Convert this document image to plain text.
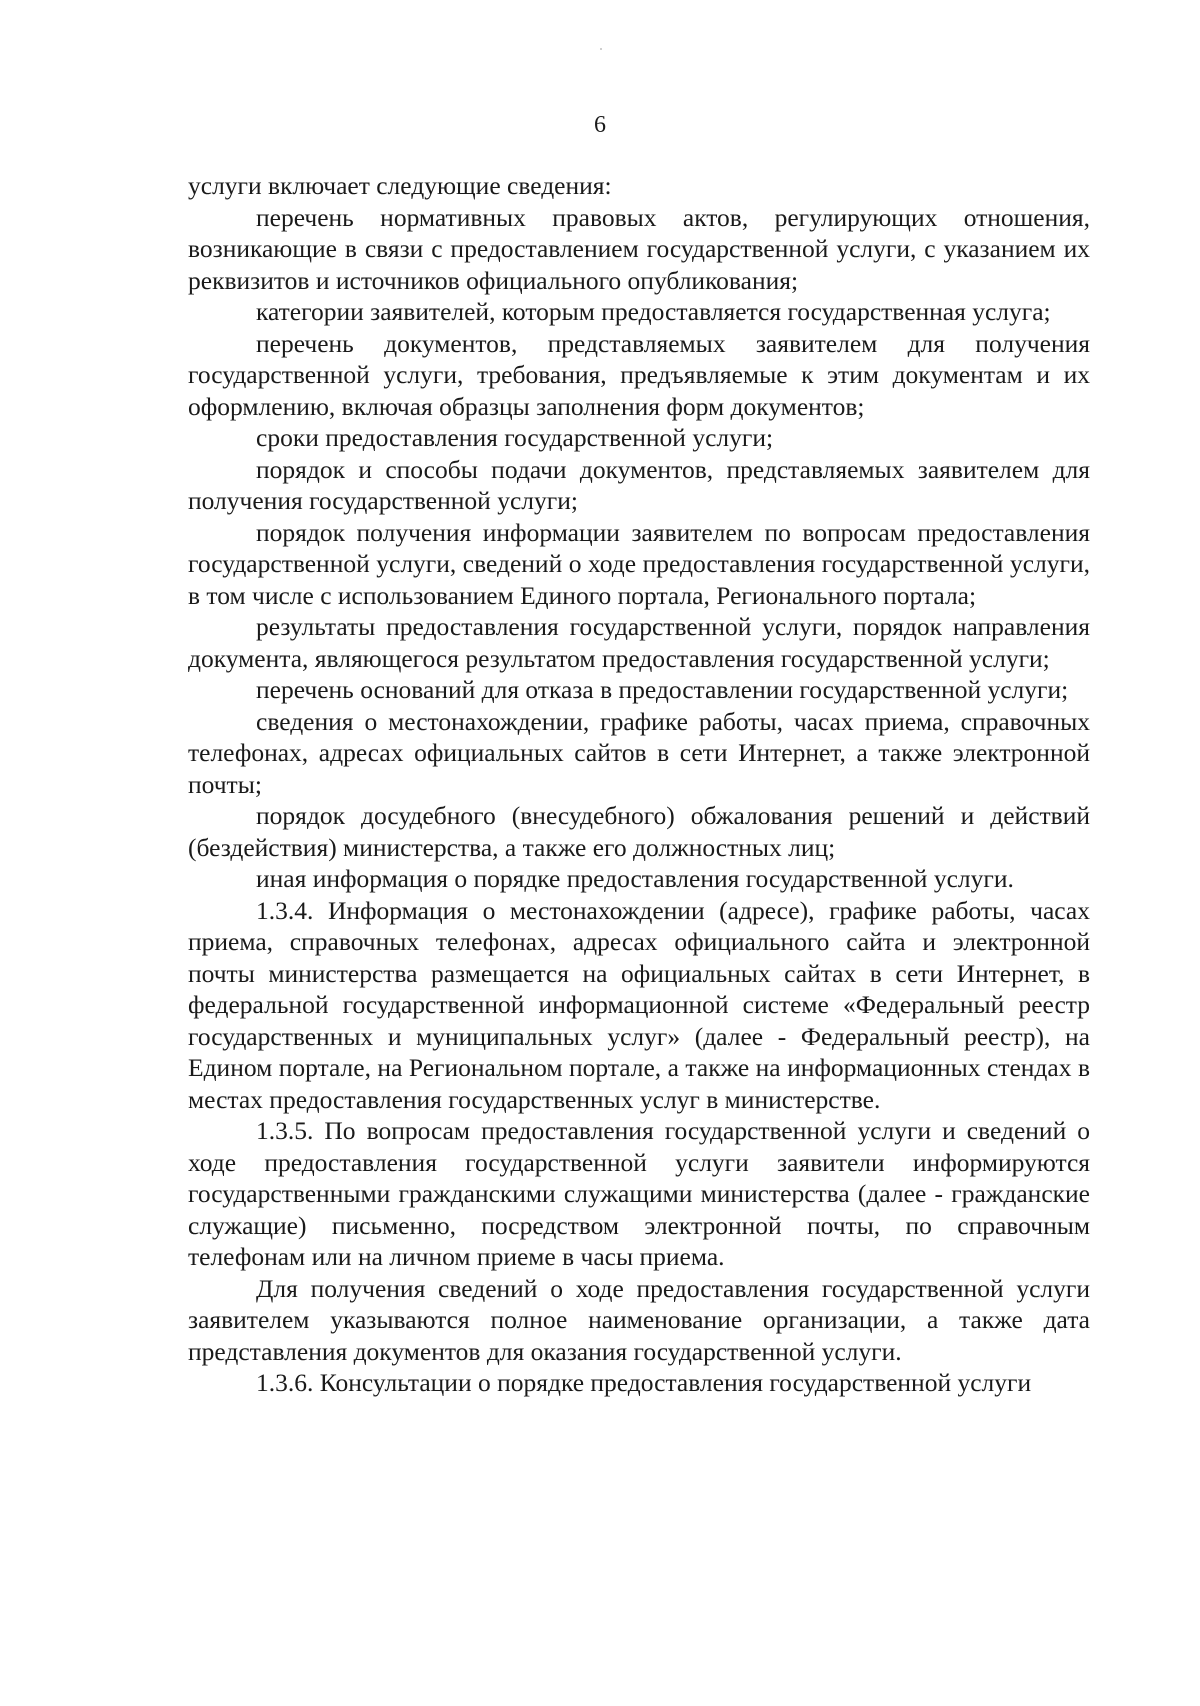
6

услуги включает следующие сведения:

перечень нормативных правовых актов, регулирующих отношения, возникающие в связи с предоставлением государственной услуги, с указанием их реквизитов и источников официального опубликования;

категории заявителей, которым предоставляется государственная услуга;

перечень документов, представляемых заявителем для получения государственной услуги, требования, предъявляемые к этим документам и их оформлению, включая образцы заполнения форм документов;

сроки предоставления государственной услуги;

порядок и способы подачи документов, представляемых заявителем для получения государственной услуги;

порядок получения информации заявителем по вопросам предоставления государственной услуги, сведений о ходе предоставления государственной услуги, в том числе с использованием Единого портала, Регионального портала;

результаты предоставления государственной услуги, порядок направления документа, являющегося результатом предоставления государственной услуги;

перечень оснований для отказа в предоставлении государственной услуги;

сведения о местонахождении, графике работы, часах приема, справочных телефонах, адресах официальных сайтов в сети Интернет, а также электронной почты;

порядок досудебного (внесудебного) обжалования решений и действий (бездействия) министерства, а также его должностных лиц;

иная информация о порядке предоставления государственной услуги.

1.3.4. Информация о местонахождении (адресе), графике работы, часах приема, справочных телефонах, адресах официального сайта и электронной почты министерства размещается на официальных сайтах в сети Интернет, в федеральной государственной информационной системе «Федеральный реестр государственных и муниципальных услуг» (далее - Федеральный реестр), на Едином портале, на Региональном портале, а также на информационных стендах в местах предоставления государственных услуг в министерстве.

1.3.5. По вопросам предоставления государственной услуги и сведений о ходе предоставления государственной услуги заявители информируются государственными гражданскими служащими министерства (далее - гражданские служащие) письменно, посредством электронной почты, по справочным телефонам или на личном приеме в часы приема.

Для получения сведений о ходе предоставления государственной услуги заявителем указываются полное наименование организации, а также дата представления документов для оказания государственной услуги.

1.3.6. Консультации о порядке предоставления государственной услуги
